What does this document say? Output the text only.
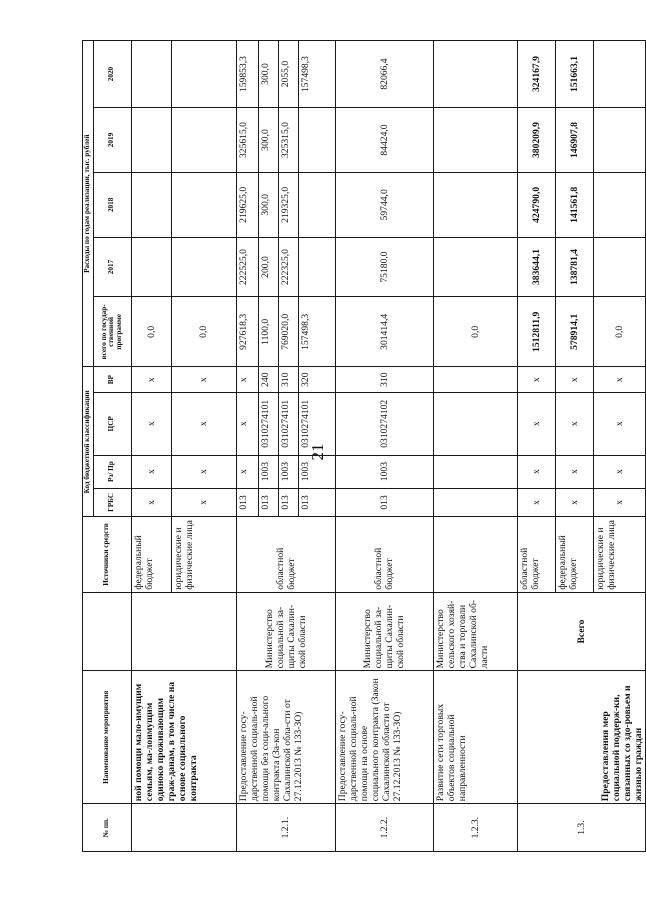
21
№ пп.	Наименование мероприятия		Источники средств	Код бюджетной классификации				Расходы по годам реализации, тыс. рублей				
				ГРБС	Рз/ Пр	ЦСР	ВР	всего по государ-ственной программе	2017	2018	2019	2020
	ной помощи мало-имущим семьям, ма-лоимущим одиноко проживающим граж-данам, в том числе на основе социального контракта		федеральный бюджет	х	х	х	х	0,0				
			юридические и физические лица	х	х	х	х	0,0				
1.2.1.	Предоставление госу-дарственной социаль-ной помощи без соци-ального контракта (За-кон Сахалинской обла-сти от 27.12.2013 № 133-ЗО)	Министерство социальной за-щиты Сахалин-ской области	областной бюджет	013	х	х	х	927618,3	222525,0	219625,0	325615,0	159853,3
				013	1003	0310274101	240	1100,0	200,0	300,0	300,0	300,0
				013	1003	0310274101	310	769020,0	222325,0	219325,0	325315,0	2055,0
				013	1003	0310274101	320	157498,3				157498,3
1.2.2.	Предоставление госу-дарственной социаль-ной помощи на основе социального контракта (Закон Сахалинской области от 27.12.2013 № 133-ЗО)	Министерство социальной за-щиты Сахалин-ской области	областной бюджет	013	1003	0310274102	310	301414,4	75180,0	59744,0	84424,0	82066,4
1.2.3.	Развитие сети торговых объектов социальной направленности	Министерство сельского хозяй-ства и торговли Сахалинской об-ласти						0,0				
1.3.	Предоставления мер социальной поддерж-ки, связанных со здо-ровьем и жизнью граждан	Всего	областной бюджет	х	х	х	х	1512811,9	383644,1	424790,0	380209,9	324167,9
			федеральный бюджет	х	х	х	х	578914,1	138781,4	141561,8	146907,8	151663,1
			юридические и физические лица	х	х	х	х	0,0				
